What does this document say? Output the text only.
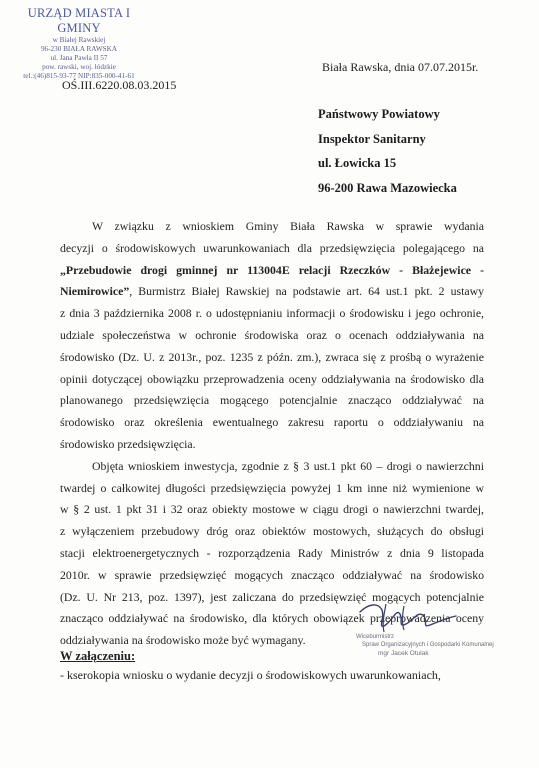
URZĄD MIASTA I GMINY
w Białej Rawskiej
96-230 BIAŁA RAWSKA
ul. Jana Pawła II 57
pow. rawski, woj. łódzkie
tel.:(46)815-93-77 NIP:835-000-41-61
Biała Rawska, dnia 07.07.2015r.
OŚ.III.6220.08.03.2015
Państwowy Powiatowy
Inspektor Sanitarny
ul. Łowicka 15
96-200 Rawa Mazowiecka
W związku z wnioskiem Gminy Biała Rawska w sprawie wydania
decyzji o środowiskowych uwarunkowaniach dla przedsięwzięcia polegającego na
„Przebudowie drogi gminnej nr 113004E relacji Rzeczków - Błażejewice -
Niemirowice”, Burmistrz Białej Rawskiej na podstawie art. 64 ust.1 pkt. 2 ustawy
z dnia 3 października 2008 r. o udostępnianiu informacji o środowisku i jego ochronie,
udziale społeczeństwa w ochronie środowiska oraz o ocenach oddziaływania na
środowisko (Dz. U. z 2013r., poz. 1235 z późn. zm.), zwraca się z prośbą o wyrażenie
opinii dotyczącej obowiązku przeprowadzenia oceny oddziaływania na środowisko dla
planowanego przedsięwzięcia mogącego potencjalnie znacząco oddziaływać na
środowisko oraz określenia ewentualnego zakresu raportu o oddziaływaniu na
środowisko przedsięwzięcia.
Objęta wnioskiem inwestycja, zgodnie z § 3 ust.1 pkt 60 – drogi o nawierzchni
twardej o całkowitej długości przedsięwzięcia powyżej 1 km inne niż wymienione w
w § 2 ust. 1 pkt 31 i 32 oraz obiekty mostowe w ciągu drogi o nawierzchni twardej,
z wyłączeniem przebudowy dróg oraz obiektów mostowych, służących do obsługi
stacji elektroenergetycznych - rozporządzenia Rady Ministrów z dnia 9 listopada
2010r. w sprawie przedsięwzięć mogących znacząco oddziaływać na środowisko
(Dz. U. Nr 213, poz. 1397), jest zaliczana do przedsięwzięć mogących potencjalnie
znacząco oddziaływać na środowisko, dla których obowiązek przeprowadzenia oceny
oddziaływania na środowisko może być wymagany.	Wiceburmistrz
Spraw Organizacyjnych i Gospodarki Komunalnej
mgr Jacek Otulak
W załączeniu:
- kserokopia wniosku o wydanie decyzji o środowiskowych uwarunkowaniach,
